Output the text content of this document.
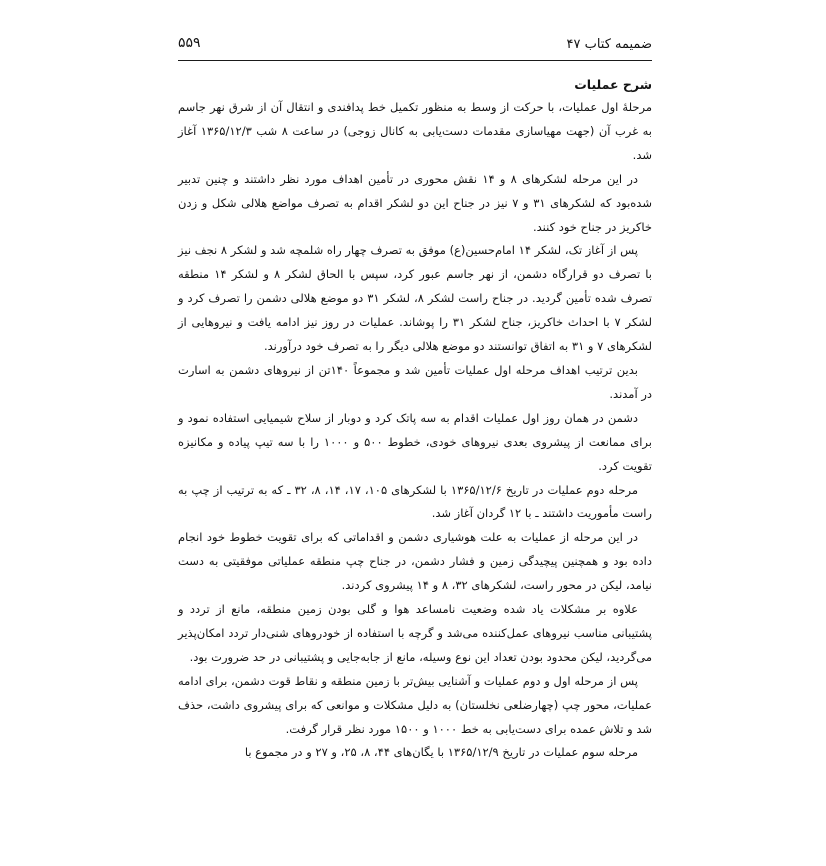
ضمیمه کتاب ۴۷
۵۵۹

شرح عملیات

مرحلهٔ اول عملیات، با حرکت از وسط به منظور تکمیل خط پدافندی و انتقال آن از شرق نهر جاسم به غرب آن (جهت مهیاسازی مقدمات دست‌یابی به کانال زوجی) در ساعت ۸ شب ۱۳۶۵/۱۲/۳ آغاز شد.

در این مرحله لشکرهای ۸ و ۱۴ نقش محوری در تأمین اهداف مورد نظر داشتند و چنین تدبیر شده‌بود که لشکرهای ۳۱ و ۷ نیز در جناح این دو لشکر اقدام به تصرف مواضع هلالی شکل و زدن خاکریز در جناح خود کنند.

پس از آغاز تک، لشکر ۱۴ امام‌حسین(ع) موفق به تصرف چهار راه شلمچه شد و لشکر ۸ نجف نیز با تصرف دو قرارگاه دشمن، از نهر جاسم عبور کرد، سپس با الحاق لشکر ۸ و لشکر ۱۴ منطقه تصرف شده تأمین گردید. در جناح راست لشکر ۸، لشکر ۳۱ دو موضع هلالی دشمن را تصرف کرد و لشکر ۷ با احداث خاکریز، جناح لشکر ۳۱ را پوشاند. عملیات در روز نیز ادامه یافت و نیروهایی از لشکرهای ۷ و ۳۱ به اتفاق توانستند دو موضع هلالی دیگر را به تصرف خود درآورند.

بدین ترتیب اهداف مرحله اول عملیات تأمین شد و مجموعاً ۱۴۰تن از نیروهای دشمن به اسارت در آمدند.

دشمن در همان روز اول عملیات اقدام به سه پاتک کرد و دوبار از سلاح شیمیایی استفاده نمود و برای ممانعت از پیشروی بعدی نیروهای خودی، خطوط ۵۰۰ و ۱۰۰۰ را با سه تیپ پیاده و مکانیزه تقویت کرد.

مرحله دوم عملیات در تاریخ ۱۳۶۵/۱۲/۶ با لشکرهای ۱۰۵، ۱۷، ۱۴، ۸، ۳۲ ـ که به ترتیب از چپ به راست مأموریت داشتند ـ با ۱۲ گردان آغاز شد.

در این مرحله از عملیات به علت هوشیاری دشمن و اقداماتی که برای تقویت خطوط خود انجام داده بود و همچنین پیچیدگی زمین و فشار دشمن، در جناح چپ منطقه عملیاتی موفقیتی به دست نیامد، لیکن در محور راست، لشکرهای ۳۲، ۸ و ۱۴ پیشروی کردند.

علاوه بر مشکلات یاد شده وضعیت نامساعد هوا و گلی بودن زمین منطقه، مانع از تردد و پشتیبانی مناسب نیروهای عمل‌کننده می‌شد و گرچه با استفاده از خودروهای شنی‌دار تردد امکان‌پذیر می‌گردید، لیکن محدود بودن تعداد این نوع وسیله، مانع از جابه‌جایی و پشتیبانی در حد ضرورت بود.

پس از مرحله اول و دوم عملیات و آشنایی بیش‌تر با زمین منطقه و نقاط قوت دشمن، برای ادامه عملیات، محور چپ (چهارضلعی نخلستان) به دلیل مشکلات و موانعی که برای پیشروی داشت، حذف شد و تلاش عمده برای دست‌یابی به خط ۱۰۰۰ و ۱۵۰۰ مورد نظر قرار گرفت.

مرحله سوم عملیات در تاریخ ۱۳۶۵/۱۲/۹ با یگان‌های ۴۴، ۸، ۲۵، و ۲۷ و در مجموع با
